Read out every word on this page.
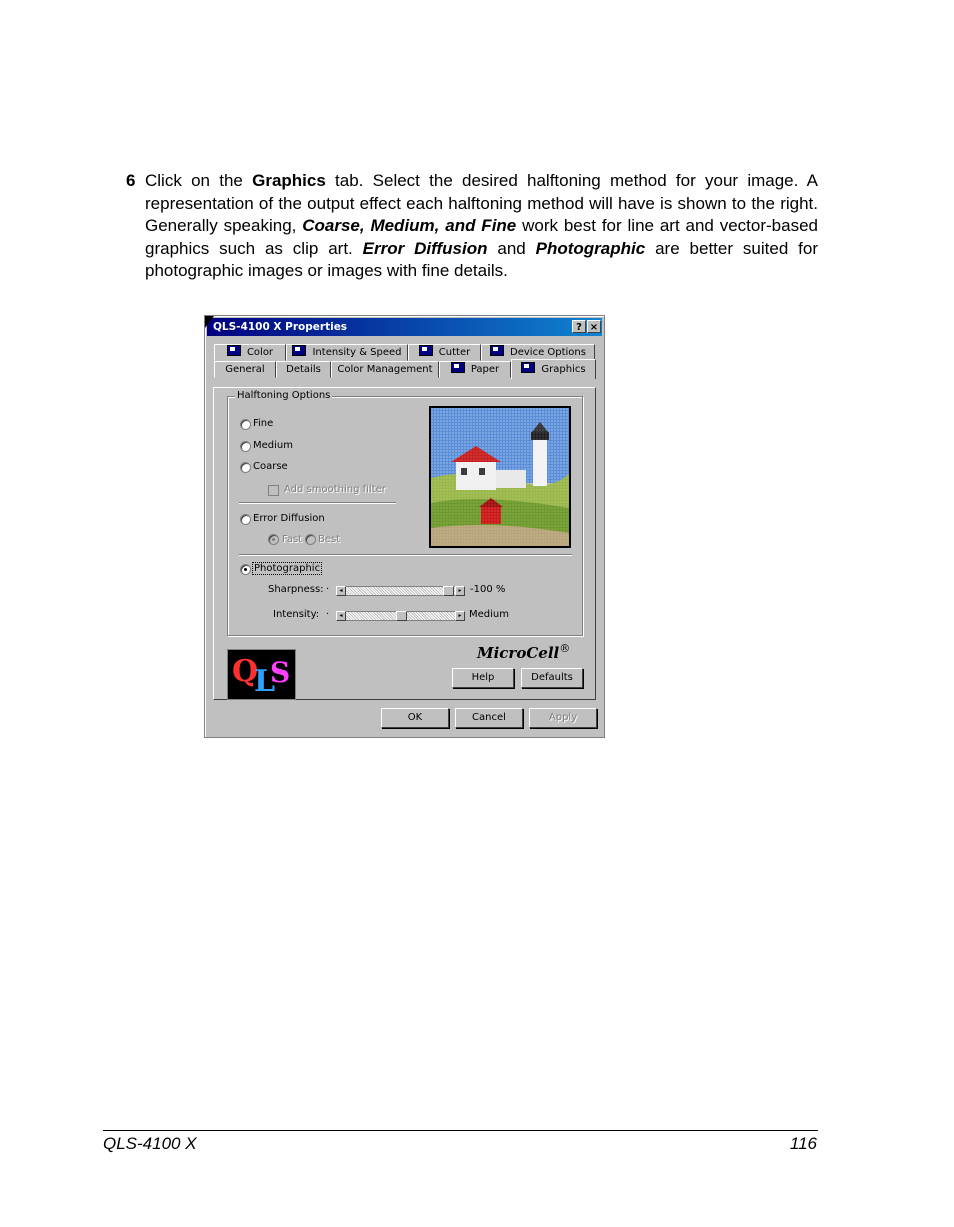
6 Click on the Graphics tab. Select the desired halftoning method for your image. A representation of the output effect each halftoning method will have is shown to the right. Generally speaking, Coarse, Medium, and Fine work best for line art and vector-based graphics such as clip art. Error Diffusion and Photographic are better suited for photographic images or images with fine details.
QLS-4100 X Properties	? ×
Color	Intensity & Speed	Cutter	Device Options
General	Details	Color Management	Paper	Graphics
Halftoning Options
Fine
Medium
Coarse
Add smoothing filter
Error Diffusion
Fast Best
Photographic
Sharpness: ·	◂	▸ -100 %
Intensity: ·	◂	▸ Medium
MicroCell®
Q
L
S	Help	Defaults
OK	Cancel	Apply
QLS-4100 X	116
